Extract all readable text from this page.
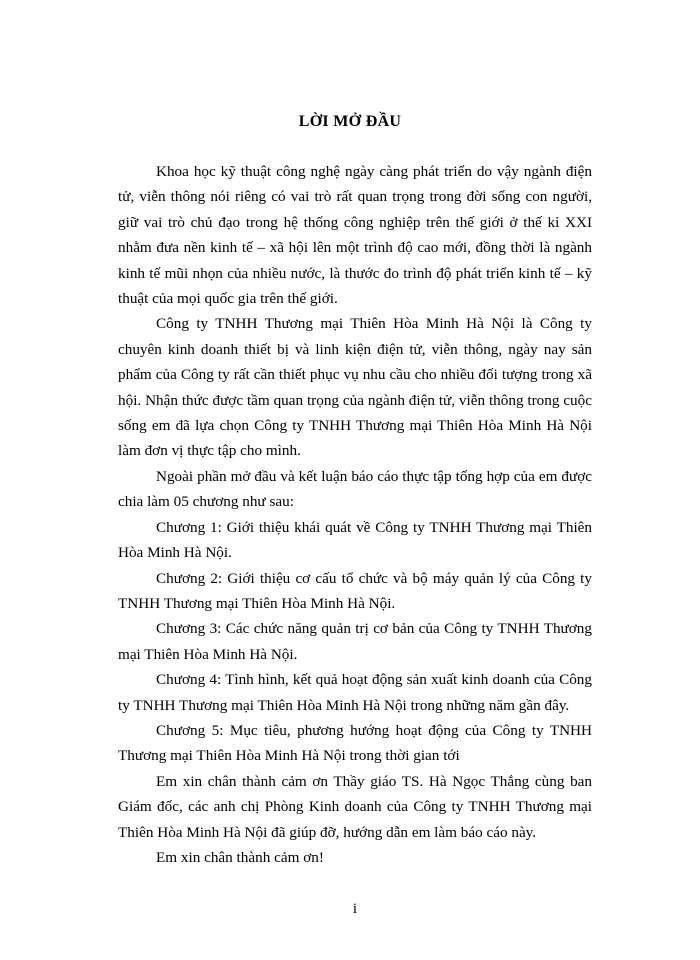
LỜI MỞ ĐẦU

Khoa học kỹ thuật công nghệ ngày càng phát triển do vậy ngành điện tử, viễn thông nói riêng có vai trò rất quan trọng trong đời sống con người, giữ vai trò chủ đạo trong hệ thống công nghiệp trên thế giới ở thế kỉ XXI nhằm đưa nền kinh tế – xã hội lên một trình độ cao mới, đồng thời là ngành kinh tế mũi nhọn của nhiều nước, là thước đo trình độ phát triển kinh tế – kỹ thuật của mọi quốc gia trên thế giới.

Công ty TNHH Thương mại Thiên Hòa Minh Hà Nội là Công ty chuyên kinh doanh thiết bị và linh kiện điện tử, viễn thông, ngày nay sản phẩm của Công ty rất cần thiết phục vụ nhu cầu cho nhiều đối tượng trong xã hội. Nhận thức được tầm quan trọng của ngành điện tử, viễn thông trong cuộc sống em đã lựa chọn Công ty TNHH Thương mại Thiên Hòa Minh Hà Nội làm đơn vị thực tập cho mình.

Ngoài phần mở đầu và kết luận báo cáo thực tập tổng hợp của em được chia làm 05 chương như sau:

Chương 1: Giới thiệu khái quát về Công ty TNHH Thương mại Thiên Hòa Minh Hà Nội.

Chương 2: Giới thiệu cơ cấu tổ chức và bộ máy quản lý của Công ty TNHH Thương mại Thiên Hòa Minh Hà Nội.

Chương 3: Các chức năng quản trị cơ bản của Công ty TNHH Thương mại Thiên Hòa Minh Hà Nội.

Chương 4: Tình hình, kết quả hoạt động sản xuất kinh doanh của Công ty TNHH Thương mại Thiên Hòa Minh Hà Nội trong những năm gần đây.

Chương 5: Mục tiêu, phương hướng hoạt động của Công ty TNHH Thương mại Thiên Hòa Minh Hà Nội trong thời gian tới

Em xin chân thành cảm ơn Thầy giáo TS. Hà Ngọc Thắng cùng ban Giám đốc, các anh chị Phòng Kinh doanh của Công ty TNHH Thương mại Thiên Hòa Minh Hà Nội đã giúp đỡ, hướng dẫn em làm báo cáo này.

Em xin chân thành cảm ơn!

i
